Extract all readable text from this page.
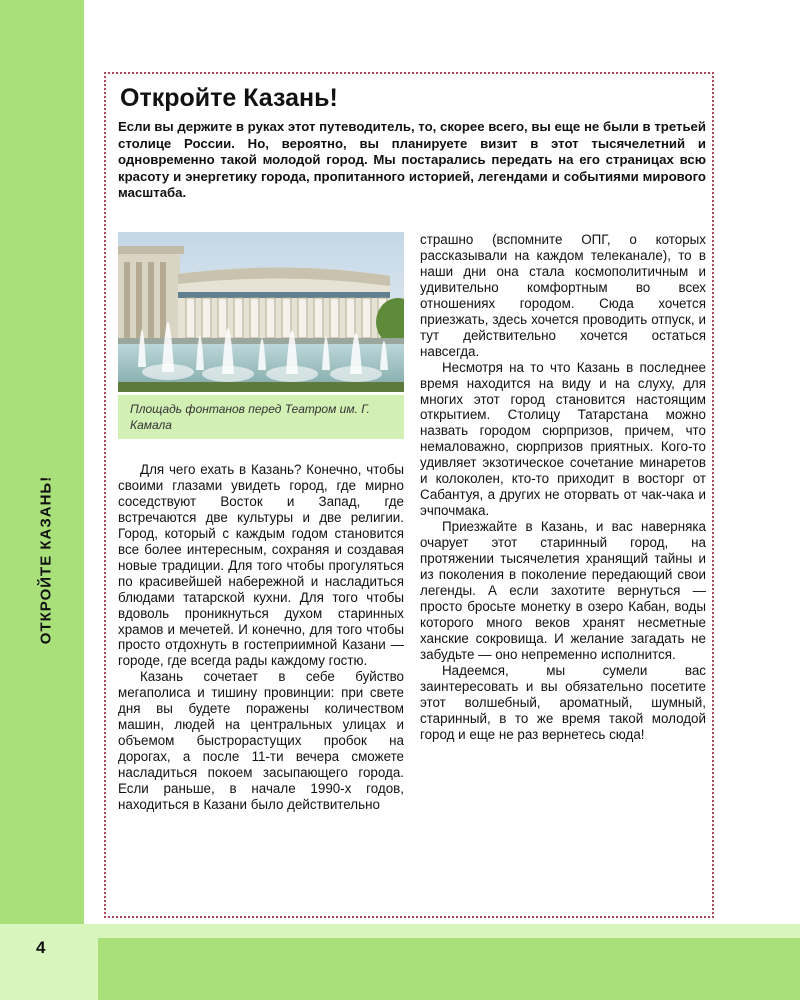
ОТКРОЙТЕ КАЗАНЬ!
4
Откройте Казань!

Если вы держите в руках этот путеводитель, то, скорее всего, вы еще не были в третьей столице России. Но, вероятно, вы планируете визит в этот тысячелетний и одновременно такой молодой город. Мы постарались передать на его страницах всю красоту и энергетику города, пропитанного историей, легендами и событиями мирового масштаба.

Площадь фонтанов перед Театром им. Г. Камала

Для чего ехать в Казань? Конечно, чтобы своими глазами увидеть город, где мирно соседствуют Восток и Запад, где встречаются две культуры и две религии. Город, который с каждым годом становится все более интересным, сохраняя и создавая новые традиции. Для того чтобы прогуляться по красивейшей набережной и насладиться блюдами татарской кухни. Для того чтобы вдоволь проникнуться духом старинных храмов и мечетей. И конечно, для того чтобы просто отдохнуть в гостеприимной Казани — городе, где всегда рады каждому гостю.

Казань сочетает в себе буйство мегаполиса и тишину провинции: при свете дня вы будете поражены количеством машин, людей на центральных улицах и объемом быстрорастущих пробок на дорогах, а после 11-ти вечера сможете насладиться покоем засыпающего города. Если раньше, в начале 1990-х годов, находиться в Казани было действительно

страшно (вспомните ОПГ, о которых рассказывали на каждом телеканале), то в наши дни она стала космополитичным и удивительно комфортным во всех отношениях городом. Сюда хочется приезжать, здесь хочется проводить отпуск, и тут действительно хочется остаться навсегда.

Несмотря на то что Казань в последнее время находится на виду и на слуху, для многих этот город становится настоящим открытием. Столицу Татарстана можно назвать городом сюрпризов, причем, что немаловажно, сюрпризов приятных. Кого-то удивляет экзотическое сочетание минаретов и колоколен, кто-то приходит в восторг от Сабантуя, а других не оторвать от чак-чака и эчпочмака.

Приезжайте в Казань, и вас наверняка очарует этот старинный город, на протяжении тысячелетия хранящий тайны и из поколения в поколение передающий свои легенды. А если захотите вернуться — просто бросьте монетку в озеро Кабан, воды которого много веков хранят несметные ханские сокровища. И желание загадать не забудьте — оно непременно исполнится.

Надеемся, мы сумели вас заинтересовать и вы обязательно посетите этот волшебный, ароматный, шумный, старинный, в то же время такой молодой город и еще не раз вернетесь сюда!
